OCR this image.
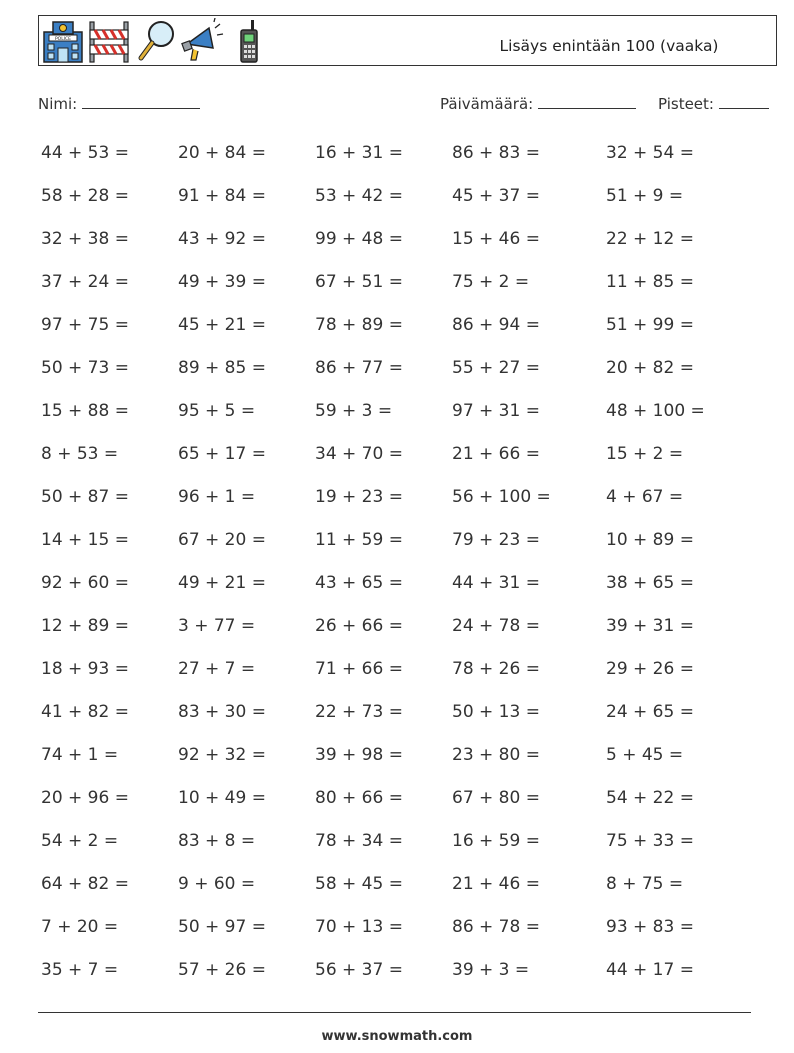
POLICE	Lisäys enintään 100 (vaaka)
Nimi:	Päivämäärä:	Pisteet:
44 + 53 =	20 + 84 =	16 + 31 =	86 + 83 =	32 + 54 =
58 + 28 =	91 + 84 =	53 + 42 =	45 + 37 =	51 + 9 =
32 + 38 =	43 + 92 =	99 + 48 =	15 + 46 =	22 + 12 =
37 + 24 =	49 + 39 =	67 + 51 =	75 + 2 =	11 + 85 =
97 + 75 =	45 + 21 =	78 + 89 =	86 + 94 =	51 + 99 =
50 + 73 =	89 + 85 =	86 + 77 =	55 + 27 =	20 + 82 =
15 + 88 =	95 + 5 =	59 + 3 =	97 + 31 =	48 + 100 =
8 + 53 =	65 + 17 =	34 + 70 =	21 + 66 =	15 + 2 =
50 + 87 =	96 + 1 =	19 + 23 =	56 + 100 =	4 + 67 =
14 + 15 =	67 + 20 =	11 + 59 =	79 + 23 =	10 + 89 =
92 + 60 =	49 + 21 =	43 + 65 =	44 + 31 =	38 + 65 =
12 + 89 =	3 + 77 =	26 + 66 =	24 + 78 =	39 + 31 =
18 + 93 =	27 + 7 =	71 + 66 =	78 + 26 =	29 + 26 =
41 + 82 =	83 + 30 =	22 + 73 =	50 + 13 =	24 + 65 =
74 + 1 =	92 + 32 =	39 + 98 =	23 + 80 =	5 + 45 =
20 + 96 =	10 + 49 =	80 + 66 =	67 + 80 =	54 + 22 =
54 + 2 =	83 + 8 =	78 + 34 =	16 + 59 =	75 + 33 =
64 + 82 =	9 + 60 =	58 + 45 =	21 + 46 =	8 + 75 =
7 + 20 =	50 + 97 =	70 + 13 =	86 + 78 =	93 + 83 =
35 + 7 =	57 + 26 =	56 + 37 =	39 + 3 =	44 + 17 =
www.snowmath.com
